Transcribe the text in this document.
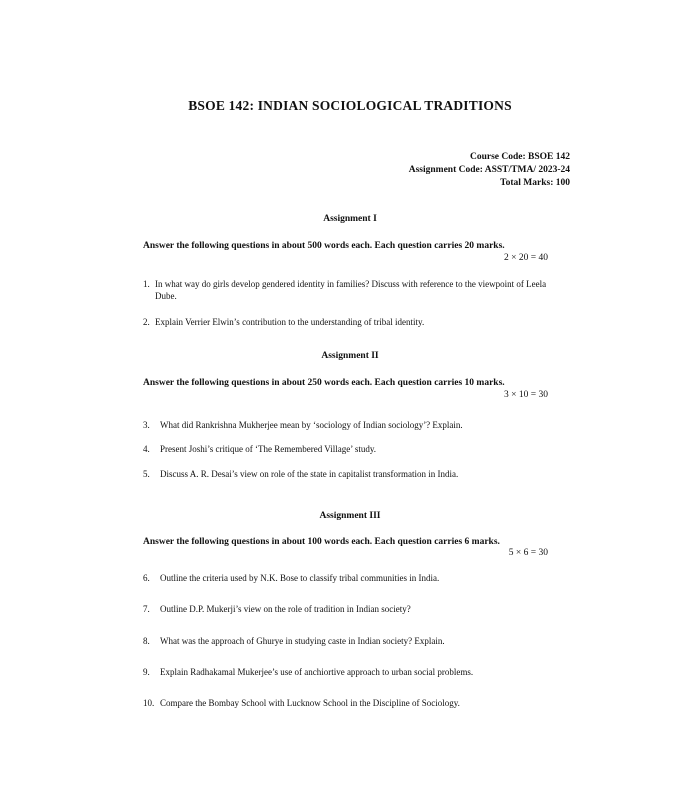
BSOE 142: INDIAN SOCIOLOGICAL TRADITIONS
Course Code: BSOE 142
Assignment Code: ASST/TMA/ 2023-24
Total Marks: 100
Assignment I
Answer the following questions in about 500 words each. Each question carries 20 marks.
2 × 20 = 40
1. In what way do girls develop gendered identity in families? Discuss with reference to the viewpoint of Leela Dube.
2. Explain Verrier Elwin’s contribution to the understanding of tribal identity.
Assignment II
Answer the following questions in about 250 words each. Each question carries 10 marks.
3 × 10 = 30
3. What did Rankrishna Mukherjee mean by ‘sociology of Indian sociology’? Explain.
4. Present Joshi’s critique of ‘The Remembered Village’ study.
5. Discuss A. R. Desai’s view on role of the state in capitalist transformation in India.
Assignment III
Answer the following questions in about 100 words each. Each question carries 6 marks.
5 × 6 = 30
6. Outline the criteria used by N.K. Bose to classify tribal communities in India.
7. Outline D.P. Mukerji’s view on the role of tradition in Indian society?
8. What was the approach of Ghurye in studying caste in Indian society? Explain.
9. Explain Radhakamal Mukerjee’s use of anchiortive approach to urban social problems.
10. Compare the Bombay School with Lucknow School in the Discipline of Sociology.
